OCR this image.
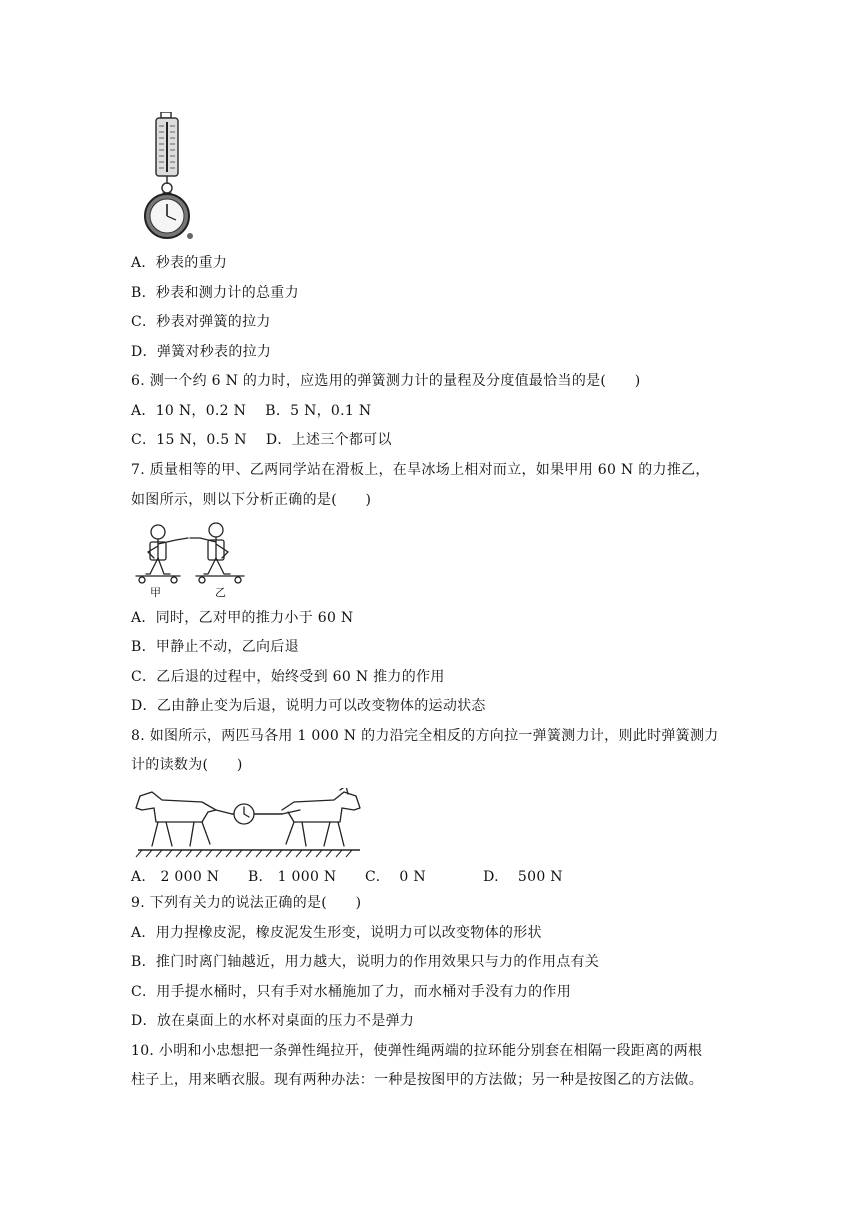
A．秒表的重力
B．秒表和测力计的总重力
C．秒表对弹簧的拉力
D．弹簧对秒表的拉力
6. 测一个约 6 N 的力时，应选用的弹簧测力计的量程及分度值最恰当的是(　　)
A．10 N，0.2 N　 B．5 N，0.1 N
C．15 N，0.5 N　 D．上述三个都可以
7. 质量相等的甲、乙两同学站在滑板上，在旱冰场上相对而立，如果甲用 60 N 的力推乙，
如图所示，则以下分析正确的是(　　)
甲	乙
A．同时，乙对甲的推力小于 60 N
B．甲静止不动，乙向后退
C．乙后退的过程中，始终受到 60 N 推力的作用
D．乙由静止变为后退，说明力可以改变物体的运动状态
8. 如图所示，两匹马各用 1 000 N 的力沿完全相反的方向拉一弹簧测力计，则此时弹簧测力
计的读数为(　　)
A.　2 000 N　　B.　1 000 N　　C.　 0 N　　　　D.　 500 N
9. 下列有关力的说法正确的是(　　)
A．用力捏橡皮泥，橡皮泥发生形变，说明力可以改变物体的形状
B．推门时离门轴越近，用力越大，说明力的作用效果只与力的作用点有关
C．用手提水桶时，只有手对水桶施加了力，而水桶对手没有力的作用
D．放在桌面上的水杯对桌面的压力不是弹力
10. 小明和小忠想把一条弹性绳拉开，使弹性绳两端的拉环能分别套在相隔一段距离的两根
柱子上，用来晒衣服。现有两种办法：一种是按图甲的方法做；另一种是按图乙的方法做。
